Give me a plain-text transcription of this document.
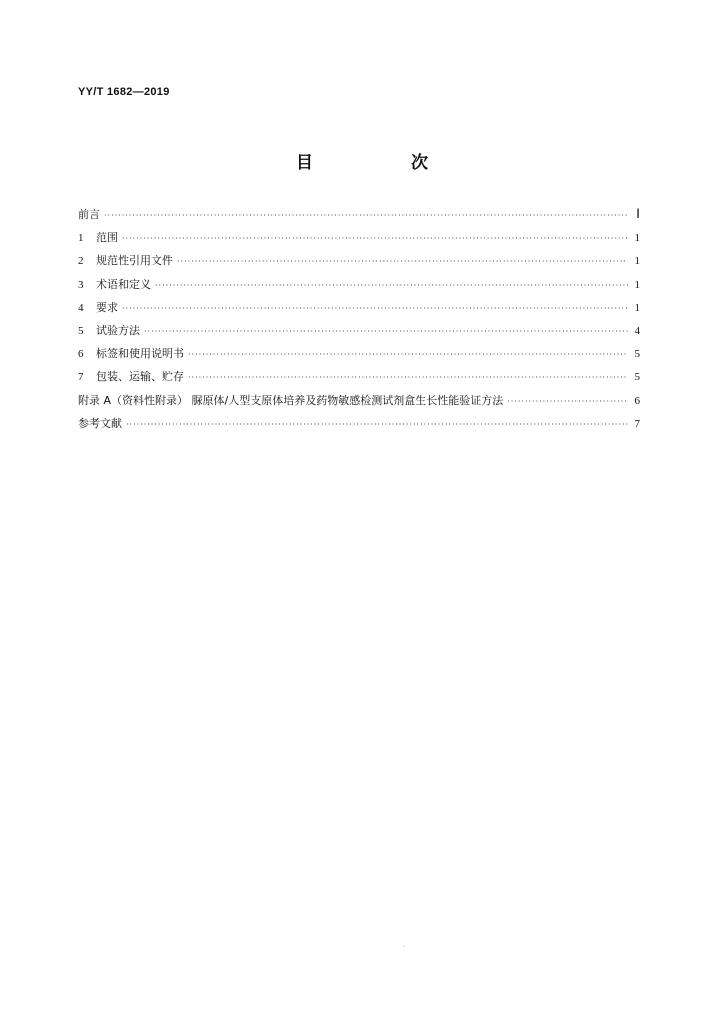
YY/T 1682—2019
目 次
前言 ·····	Ⅰ
1	范围 ·····	1
2	规范性引用文件 ·····	1
3	术语和定义 ·····	1
4	要求 ·····	1
5	试验方法 ·····	4
6	标签和使用说明书 ·····	5
7	包装、运输、贮存 ·····	5
附录 A（资料性附录） 脲原体/人型支原体培养及药物敏感检测试剂盒生长性能验证方法 ·····	6
参考文献 ·····	7
